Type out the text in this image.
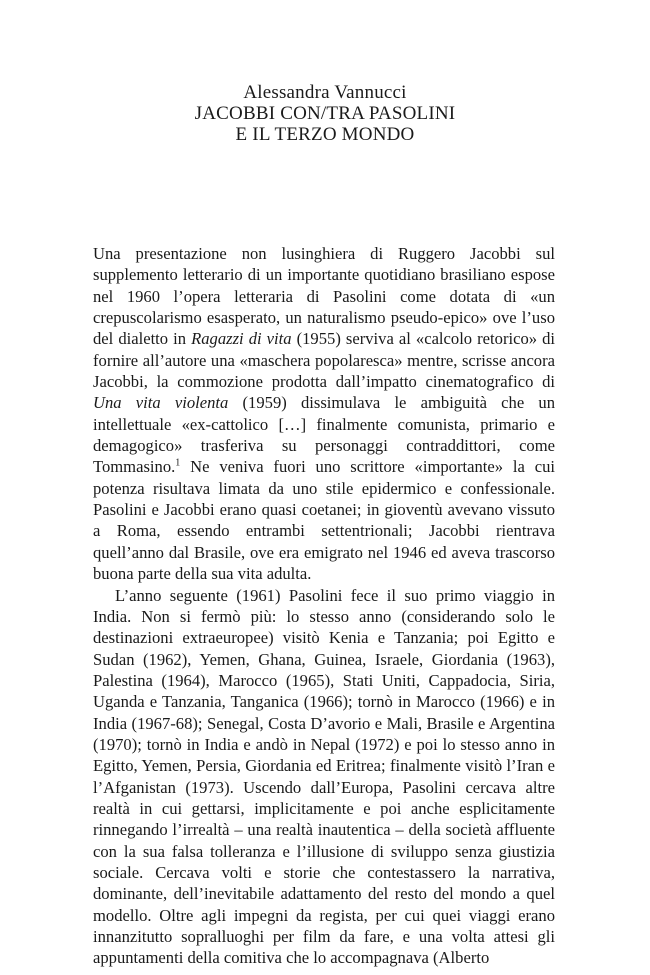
Alessandra Vannucci
JACOBBI CON/TRA PASOLINI
E IL TERZO MONDO

Una presentazione non lusinghiera di Ruggero Jacobbi sul supplemento letterario di un importante quotidiano brasiliano espose nel 1960 l’opera letteraria di Pasolini come dotata di «un crepuscolarismo esasperato, un naturalismo pseudo-epico» ove l’uso del dialetto in Ragazzi di vita (1955) serviva al «calcolo retorico» di fornire all’autore una «maschera popolaresca» mentre, scrisse ancora Jacobbi, la commozione prodotta dall’impatto cinematografico di Una vita violenta (1959) dissimulava le ambiguità che un intellettuale «ex-cattolico […] finalmente comunista, primario e demagogico» trasferiva su personaggi contraddittori, come Tommasino.$^1$ Ne veniva fuori uno scrittore «importante» la cui potenza risultava limata da uno stile epidermico e confessionale. Pasolini e Jacobbi erano quasi coetanei; in gioventù avevano vissuto a Roma, essendo entrambi settentrionali; Jacobbi rientrava quell’anno dal Brasile, ove era emigrato nel 1946 ed aveva trascorso buona parte della sua vita adulta.

L’anno seguente (1961) Pasolini fece il suo primo viaggio in India. Non si fermò più: lo stesso anno (considerando solo le destinazioni extraeuropee) visitò Kenia e Tanzania; poi Egitto e Sudan (1962), Yemen, Ghana, Guinea, Israele, Giordania (1963), Palestina (1964), Marocco (1965), Stati Uniti, Cappadocia, Siria, Uganda e Tanzania, Tanganica (1966); tornò in Marocco (1966) e in India (1967-68); Senegal, Costa D’avorio e Mali, Brasile e Argentina (1970); tornò in India e andò in Nepal (1972) e poi lo stesso anno in Egitto, Yemen, Persia, Giordania ed Eritrea; finalmente visitò l’Iran e l’Afganistan (1973). Uscendo dall’Europa, Pasolini cercava altre realtà in cui gettarsi, implicitamente e poi anche esplicitamente rinnegando l’irrealtà – una realtà inautentica – della società affluente con la sua falsa tolleranza e l’illusione di sviluppo senza giustizia sociale. Cercava volti e storie che contestassero la narrativa, dominante, dell’inevitabile adattamento del resto del mondo a quel modello. Oltre agli impegni da regista, per cui quei viaggi erano innanzitutto sopralluoghi per film da fare, e una volta attesi gli appuntamenti della comitiva che lo accompagnava (Alberto
